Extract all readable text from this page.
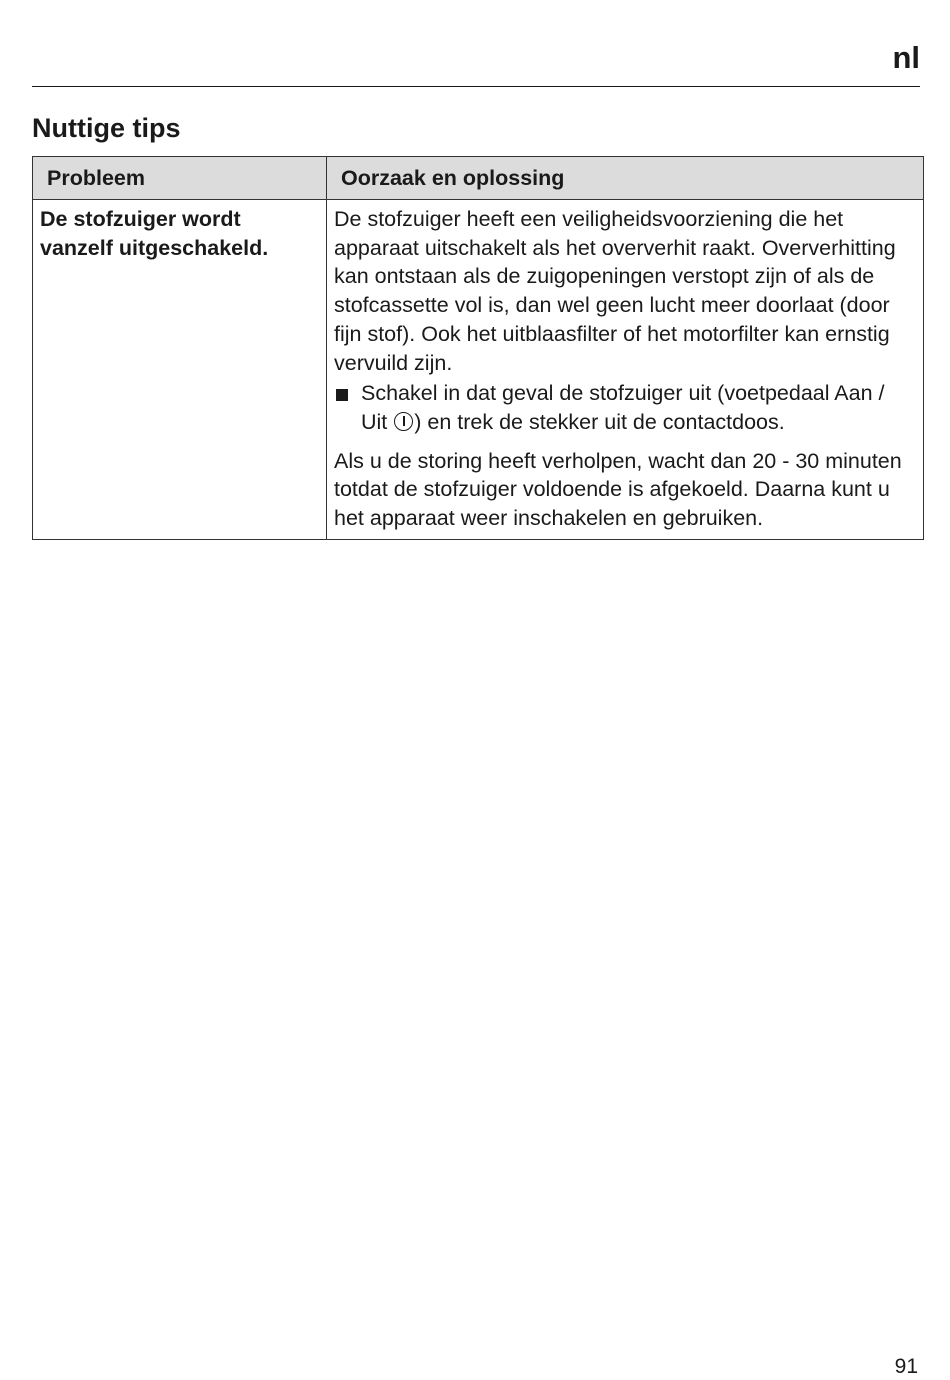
nl
Nuttige tips
Probleem	Oorzaak en oplossing
De stofzuiger wordt vanzelf uitgeschakeld.	De stofzuiger heeft een veiligheidsvoorziening die het apparaat uitschakelt als het oververhit raakt. Oververhitting kan ontstaan als de zuigopeningen verstopt zijn of als de stofcassette vol is, dan wel geen lucht meer doorlaat (door fijn stof). Ook het uitblaasfilter of het motorfilter kan ernstig vervuild zijn.

Schakel in dat geval de stofzuiger uit (voetpedaal Aan / Uit ) en trek de stekker uit de contactdoos.

Als u de storing heeft verholpen, wacht dan 20 - 30 minuten totdat de stofzuiger voldoende is afgekoeld. Daarna kunt u het apparaat weer inschakelen en gebruiken.

91
